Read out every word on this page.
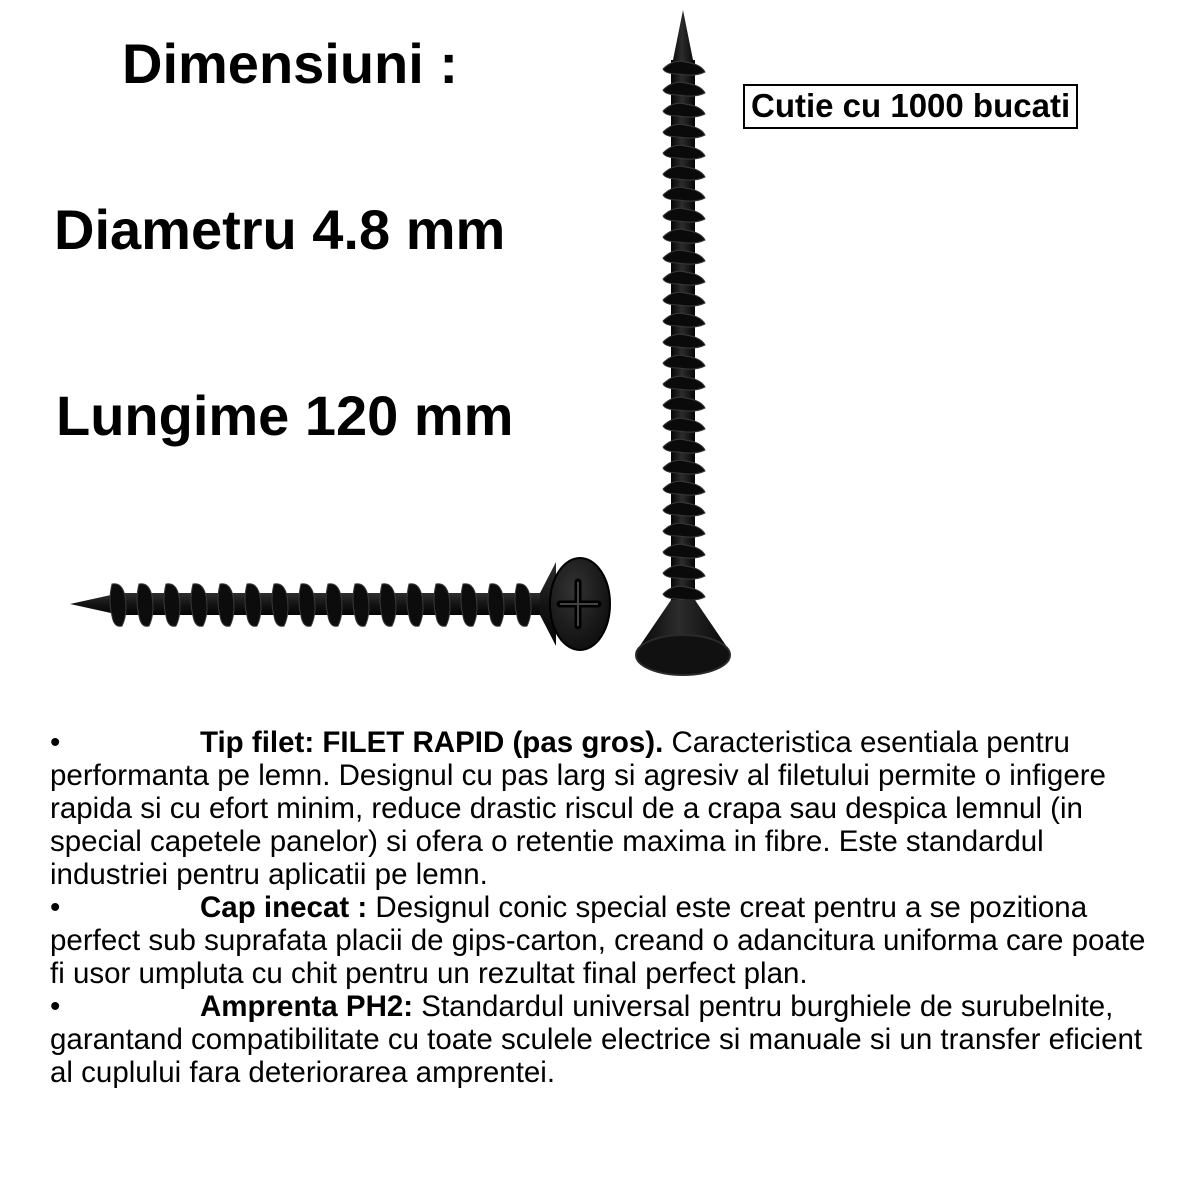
Dimensiuni :
Diametru 4.8 mm
Lungime 120 mm
Cutie cu 1000 bucati

•	Tip filet: FILET RAPID (pas gros). Caracteristica esentiala pentru performanta pe lemn. Designul cu pas larg si agresiv al filetului permite o infigere rapida si cu efort minim, reduce drastic riscul de a crapa sau despica lemnul (in special capetele panelor) si ofera o retentie maxima in fibre. Este standardul industriei pentru aplicatii pe lemn.

•	Cap inecat : Designul conic special este creat pentru a se pozitiona perfect sub suprafata placii de gips-carton, creand o adancitura uniforma care poate fi usor umpluta cu chit pentru un rezultat final perfect plan.

•	Amprenta PH2: Standardul universal pentru burghiele de surubelnite, garantand compatibilitate cu toate sculele electrice si manuale si un transfer eficient al cuplului fara deteriorarea amprentei.
